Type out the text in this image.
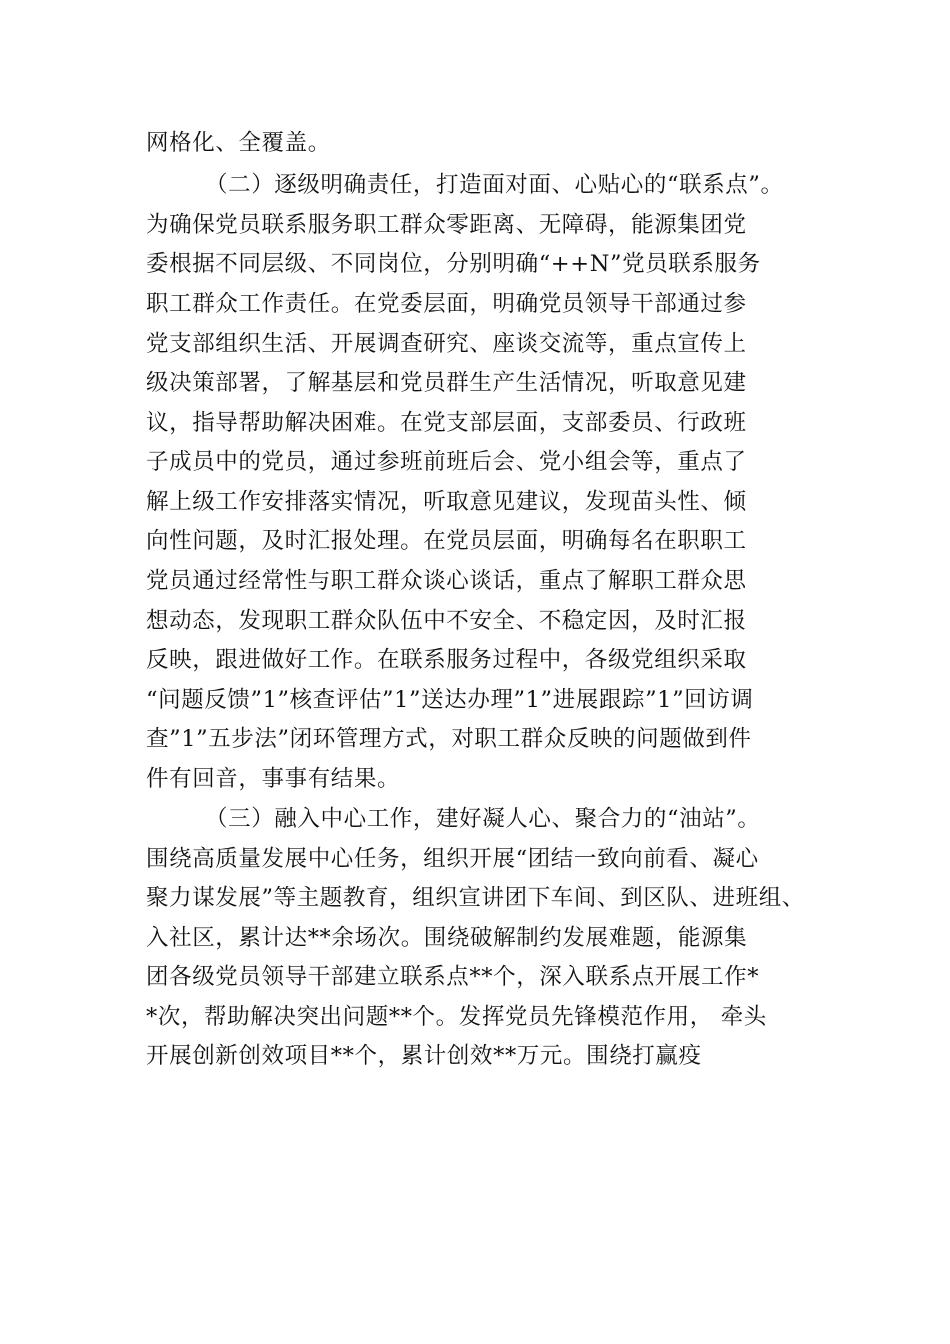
网格化、全覆盖。
（二）逐级明确责任，打造面对面、心贴心的“联系点”。
为确保党员联系服务职工群众零距离、无障碍，能源集团党
委根据不同层级、不同岗位，分别明确“++N”党员联系服务
职工群众工作责任。在党委层面，明确党员领导干部通过参
党支部组织生活、开展调查研究、座谈交流等，重点宣传上
级决策部署，了解基层和党员群生产生活情况，听取意见建
议，指导帮助解决困难。在党支部层面，支部委员、行政班
子成员中的党员，通过参班前班后会、党小组会等，重点了
解上级工作安排落实情况，听取意见建议，发现苗头性、倾
向性问题，及时汇报处理。在党员层面，明确每名在职职工
党员通过经常性与职工群众谈心谈话，重点了解职工群众思
想动态，发现职工群众队伍中不安全、不稳定因，及时汇报
反映，跟进做好工作。在联系服务过程中，各级党组织采取
“问题反馈”1”核查评估”1”送达办理”1”进展跟踪”1”回访调
查”1”五步法”闭环管理方式，对职工群众反映的问题做到件
件有回音，事事有结果。
（三）融入中心工作，建好凝人心、聚合力的“油站”。
围绕高质量发展中心任务，组织开展“团结一致向前看、凝心
聚力谋发展”等主题教育，组织宣讲团下车间、到区队、进班组、
入社区，累计达**余场次。围绕破解制约发展难题，能源集
团各级党员领导干部建立联系点**个，深入联系点开展工作*
*次，帮助解决突出问题**个。发挥党员先锋模范作用， 牵头
开展创新创效项目**个，累计创效**万元。围绕打赢疫
